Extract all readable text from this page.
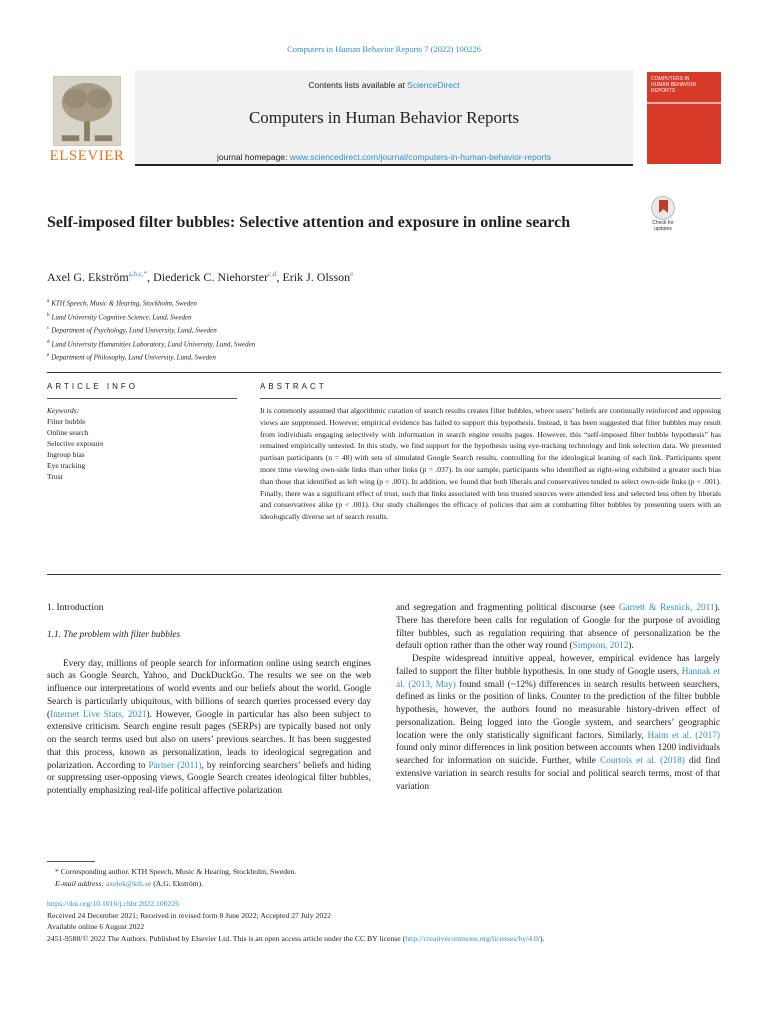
Computers in Human Behavior Reports 7 (2022) 100226
ELSEVIER
Contents lists available at ScienceDirect
Computers in Human Behavior Reports
journal homepage: www.sciencedirect.com/journal/computers-in-human-behavior-reports
COMPUTERS IN
HUMAN BEHAVIOR
REPORTS
Check for
updates
Self-imposed filter bubbles: Selective attention and exposure in online search
Axel G. Ekström$^{a,b,c,*}$, Diederick C. Niehorster$^{c,d}$, Erik J. Olsson$^e$
$^a$ KTH Speech, Music & Hearing, Stockholm, Sweden
$^b$ Lund University Cognitive Science, Lund, Sweden
$^c$ Department of Psychology, Lund University, Lund, Sweden
$^d$ Lund University Humanities Laboratory, Lund University, Lund, Sweden
$^e$ Department of Philosophy, Lund University, Lund, Sweden
ARTICLE INFO	ABSTRACT
Keywords:
Filter bubble
Online search
Selective exposure
Ingroup bias
Eye tracking
Trust
It is commonly assumed that algorithmic curation of search results creates filter bubbles, where users’ beliefs are continually reinforced and opposing views are suppressed. However, empirical evidence has failed to support this hypothesis. Instead, it has been suggested that filter bubbles may result from individuals engaging selectively with information in search engine results pages. However, this “self-imposed filter bubble hypothesis” has remained empirically untested. In this study, we find support for the hypothesis using eye-tracking technology and link selection data. We presented partisan participants (n = 48) with sets of simulated Google Search results, controlling for the ideological leaning of each link. Participants spent more time viewing own-side links than other links (p = .037). In our sample, participants who identified as right-wing exhibited a greater such bias than those that identified as left wing (p < .001). In addition, we found that both liberals and conservatives tended to select own-side links (p < .001). Finally, there was a significant effect of trust, such that links associated with less trusted sources were attended less and selected less often by liberals and conservatives alike (p < .001). Our study challenges the efficacy of policies that aim at combatting filter bubbles by presenting users with an ideologically diverse set of search results.
1. Introduction
1.1. The problem with filter bubbles

Every day, millions of people search for information online using search engines such as Google Search, Yahoo, and DuckDuckGo. The results we see on the web influence our interpretations of world events and our beliefs about the world. Google Search is particularly ubiquitous, with billions of search queries processed every day (Internet Live Stats, 2021). However, Google in particular has also been subject to extensive criticism. Search engine result pages (SERPs) are typically based not only on the search terms used but also on users’ previous searches. It has been suggested that this process, known as personalization, leads to ideological segregation and polarization. According to Pariser (2011), by reinforcing searchers’ beliefs and hiding or suppressing user-opposing views, Google Search creates ideological filter bubbles, potentially emphasizing real-life political affective polarization

and segregation and fragmenting political discourse (see Garrett & Resnick, 2011). There has therefore been calls for regulation of Google for the purpose of avoiding filter bubbles, such as regulation requiring that absence of personalization be the default option rather than the other way round (Simpson, 2012).

Despite widespread intuitive appeal, however, empirical evidence has largely failed to support the filter bubble hypothesis. In one study of Google users, Hannak et al. (2013, May) found small (~12%) differences in search results between searchers, defined as links or the position of links. Counter to the prediction of the filter bubble hypothesis, however, the authors found no measurable history-driven effect of personalization. Being logged into the Google system, and searchers’ geographic location were the only statistically significant factors. Similarly, Haim et al. (2017) found only minor differences in link position between accounts when 1200 individuals searched for information on suicide. Further, while Courtois et al. (2018) did find extensive variation in search results for social and political search terms, most of that variation

* Corresponding author. KTH Speech, Music & Hearing, Stockholm, Sweden.
E-mail address: axelek@kth.se (A.G. Ekström).
https://doi.org/10.1016/j.chbr.2022.100226
Received 24 December 2021; Received in revised form 8 June 2022; Accepted 27 July 2022
Available online 6 August 2022
2451-9588/© 2022 The Authors. Published by Elsevier Ltd. This is an open access article under the CC BY license (http://creativecommons.org/licenses/by/4.0/).
